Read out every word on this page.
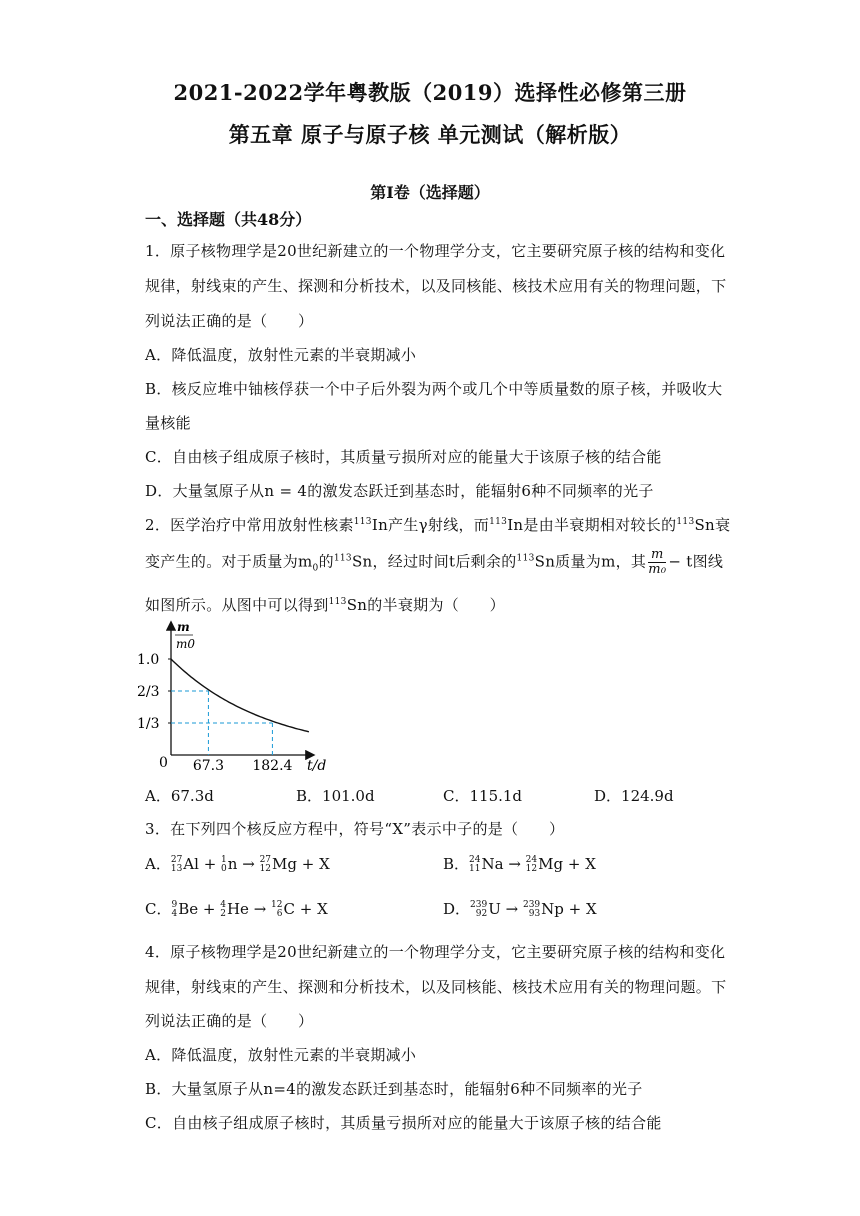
2021-2022学年粤教版（2019）选择性必修第三册
第五章 原子与原子核 单元测试（解析版）
第Ⅰ卷（选择题）
一、选择题（共48分）
1．原子核物理学是20世纪新建立的一个物理学分支，它主要研究原子核的结构和变化
规律，射线束的产生、探测和分析技术，以及同核能、核技术应用有关的物理问题，下
列说法正确的是（　　）
A．降低温度，放射性元素的半衰期减小
B．核反应堆中铀核俘获一个中子后外裂为两个或几个中等质量数的原子核，并吸收大
量核能
C．自由核子组成原子核时，其质量亏损所对应的能量大于该原子核的结合能
D．大量氢原子从n = 4的激发态跃迁到基态时，能辐射6种不同频率的光子
2．医学治疗中常用放射性核素$^{113}$In产生γ射线，而$^{113}$In是由半衰期相对较长的$^{113}$Sn衰
变产生的。对于质量为$m_0$的$^{113}$Sn，经过时间t后剩余的$^{113}$Sn质量为m，其 $\frac{m}{\text{m₀}} - t$图线
如图所示。从图中可以得到$^{113}$Sn的半衰期为（　　）
m
m0
1.0
2/3
1/3
67.3 182.4
0	t/d
A．67.3d	B．101.0d	C．115.1d	D．124.9d
3．在下列四个核反应方程中，符号“X”表示中子的是（　　）
A． 27
13 Al + 1
0 n → 27
12 Mg + X	B． 24
11 Na → 24
12 Mg + X
C． 9
4 Be + 4
2 He → 12
6 C + X	D． 239
92 U → 239
93 Np + X
4．原子核物理学是20世纪新建立的一个物理学分支，它主要研究原子核的结构和变化
规律，射线束的产生、探测和分析技术，以及同核能、核技术应用有关的物理问题。下
列说法正确的是（　　）
A．降低温度，放射性元素的半衰期减小
B．大量氢原子从n=4的激发态跃迁到基态时，能辐射6种不同频率的光子
C．自由核子组成原子核时，其质量亏损所对应的能量大于该原子核的结合能
